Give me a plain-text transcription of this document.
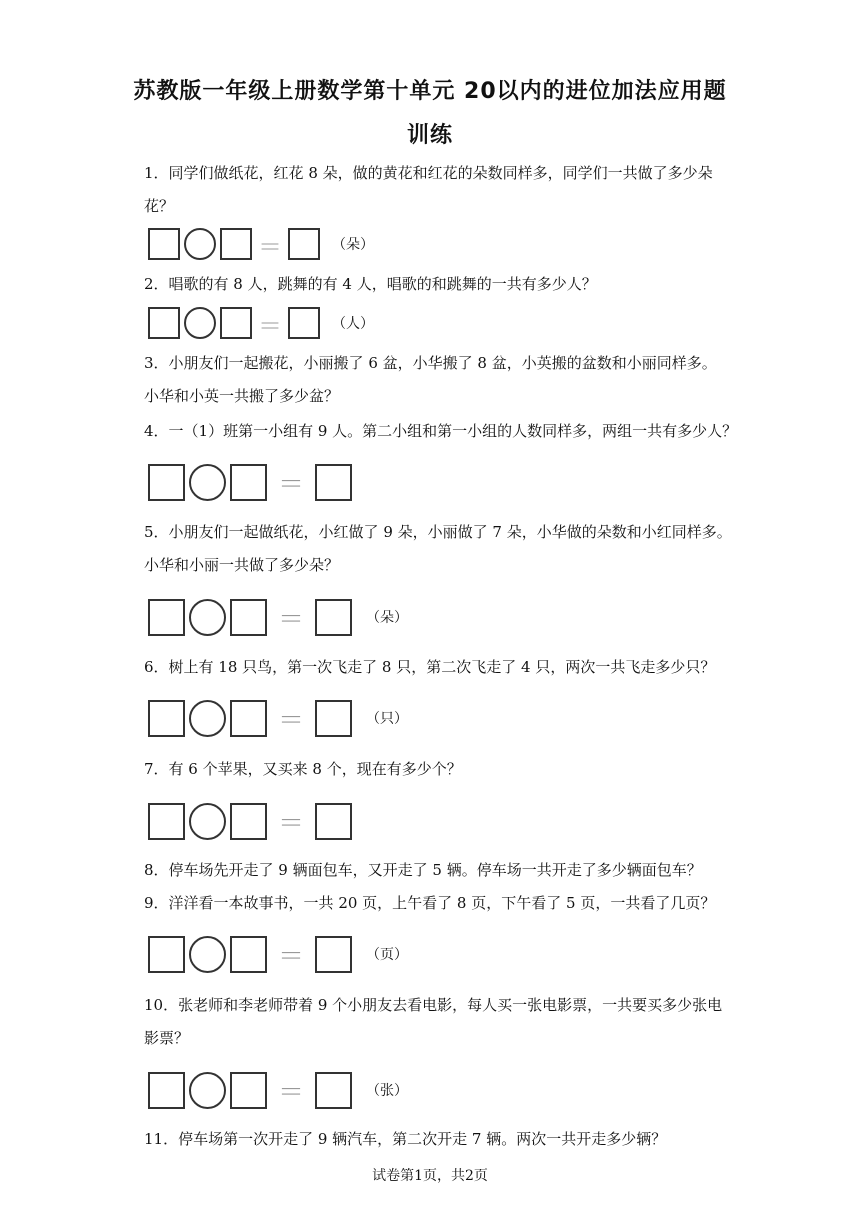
苏教版一年级上册数学第十单元 20以内的进位加法应用题
训练
1．同学们做纸花，红花 8 朵，做的黄花和红花的朵数同样多，同学们一共做了多少朵
花？
＝	（朵）
2．唱歌的有 8 人，跳舞的有 4 人，唱歌的和跳舞的一共有多少人？
＝	（人）
3．小朋友们一起搬花，小丽搬了 6 盆，小华搬了 8 盆，小英搬的盆数和小丽同样多。
小华和小英一共搬了多少盆？
4．一（1）班第一小组有 9 人。第二小组和第一小组的人数同样多，两组一共有多少人？
＝
5．小朋友们一起做纸花，小红做了 9 朵，小丽做了 7 朵，小华做的朵数和小红同样多。
小华和小丽一共做了多少朵？
＝	（朵）
6．树上有 18 只鸟，第一次飞走了 8 只，第二次飞走了 4 只，两次一共飞走多少只？
＝	（只）
7．有 6 个苹果，又买来 8 个，现在有多少个？
＝
8．停车场先开走了 9 辆面包车，又开走了 5 辆。停车场一共开走了多少辆面包车？
9．洋洋看一本故事书，一共 20 页，上午看了 8 页，下午看了 5 页，一共看了几页？
＝	（页）
10．张老师和李老师带着 9 个小朋友去看电影，每人买一张电影票，一共要买多少张电
影票？
＝	（张）
11．停车场第一次开走了 9 辆汽车，第二次开走 7 辆。两次一共开走多少辆？
试卷第1页，共2页
